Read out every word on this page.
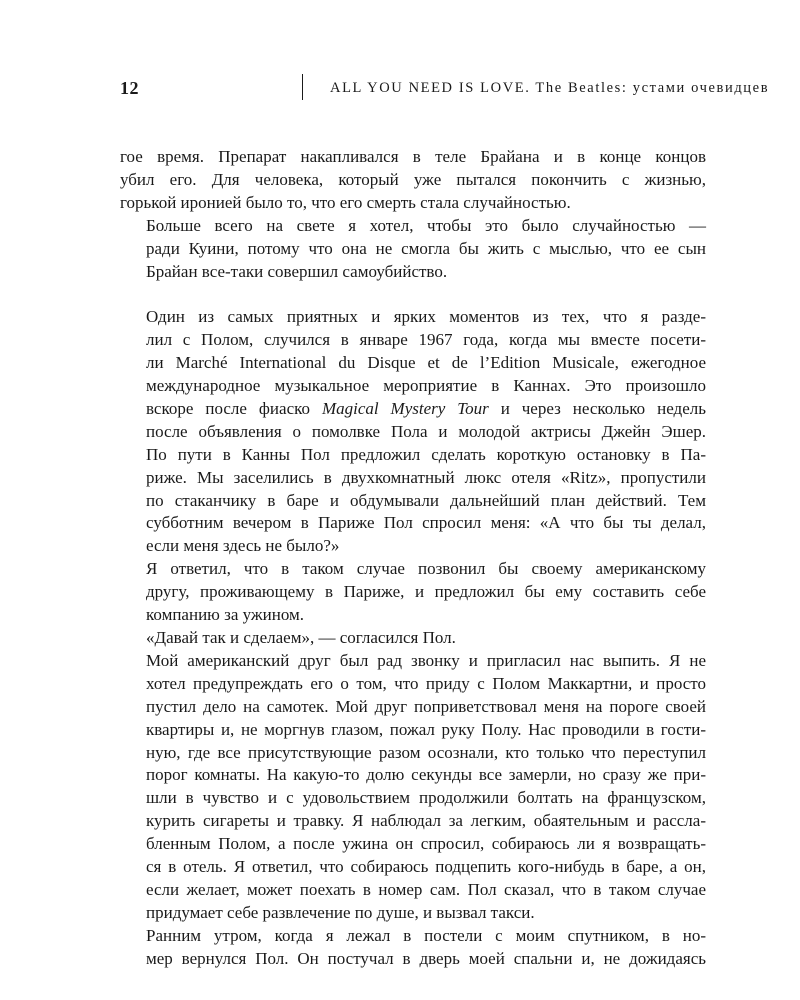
12	ALL YOU NEED IS LOVE. The Beatles: устами очевидцев

гое время. Препарат накапливался в теле Брайана и в конце концов
убил его. Для человека, который уже пытался покончить с жизнью,
горькой иронией было то, что его смерть стала случайностью.

Больше всего на свете я хотел, чтобы это было случайностью —
ради Куини, потому что она не смогла бы жить с мыслью, что ее сын
Брайан все-таки совершил самоубийство.

Один из самых приятных и ярких моментов из тех, что я разде-
лил с Полом, случился в январе 1967 года, когда мы вместе посети-
ли Marché International du Disque et de l’Edition Musicale, ежегодное
международное музыкальное мероприятие в Каннах. Это произошло
вскоре после фиаско Magical Mystery Tour и через несколько недель
после объявления о помолвке Пола и молодой актрисы Джейн Эшер.
По пути в Канны Пол предложил сделать короткую остановку в Па-
риже. Мы заселились в двухкомнатный люкс отеля «Ritz», пропустили
по стаканчику в баре и обдумывали дальнейший план действий. Тем
субботним вечером в Париже Пол спросил меня: «А что бы ты делал,
если меня здесь не было?»

Я ответил, что в таком случае позвонил бы своему американскому
другу, проживающему в Париже, и предложил бы ему составить себе
компанию за ужином.

«Давай так и сделаем», — согласился Пол.

Мой американский друг был рад звонку и пригласил нас выпить. Я не
хотел предупреждать его о том, что приду с Полом Маккартни, и просто
пустил дело на самотек. Мой друг поприветствовал меня на пороге своей
квартиры и, не моргнув глазом, пожал руку Полу. Нас проводили в гости-
ную, где все присутствующие разом осознали, кто только что переступил
порог комнаты. На какую-то долю секунды все замерли, но сразу же при-
шли в чувство и с удовольствием продолжили болтать на французском,
курить сигареты и травку. Я наблюдал за легким, обаятельным и рассла-
бленным Полом, а после ужина он спросил, собираюсь ли я возвращать-
ся в отель. Я ответил, что собираюсь подцепить кого-нибудь в баре, а он,
если желает, может поехать в номер сам. Пол сказал, что в таком случае
придумает себе развлечение по душе, и вызвал такси.

Ранним утром, когда я лежал в постели с моим спутником, в но-
мер вернулся Пол. Он постучал в дверь моей спальни и, не дожидаясь
